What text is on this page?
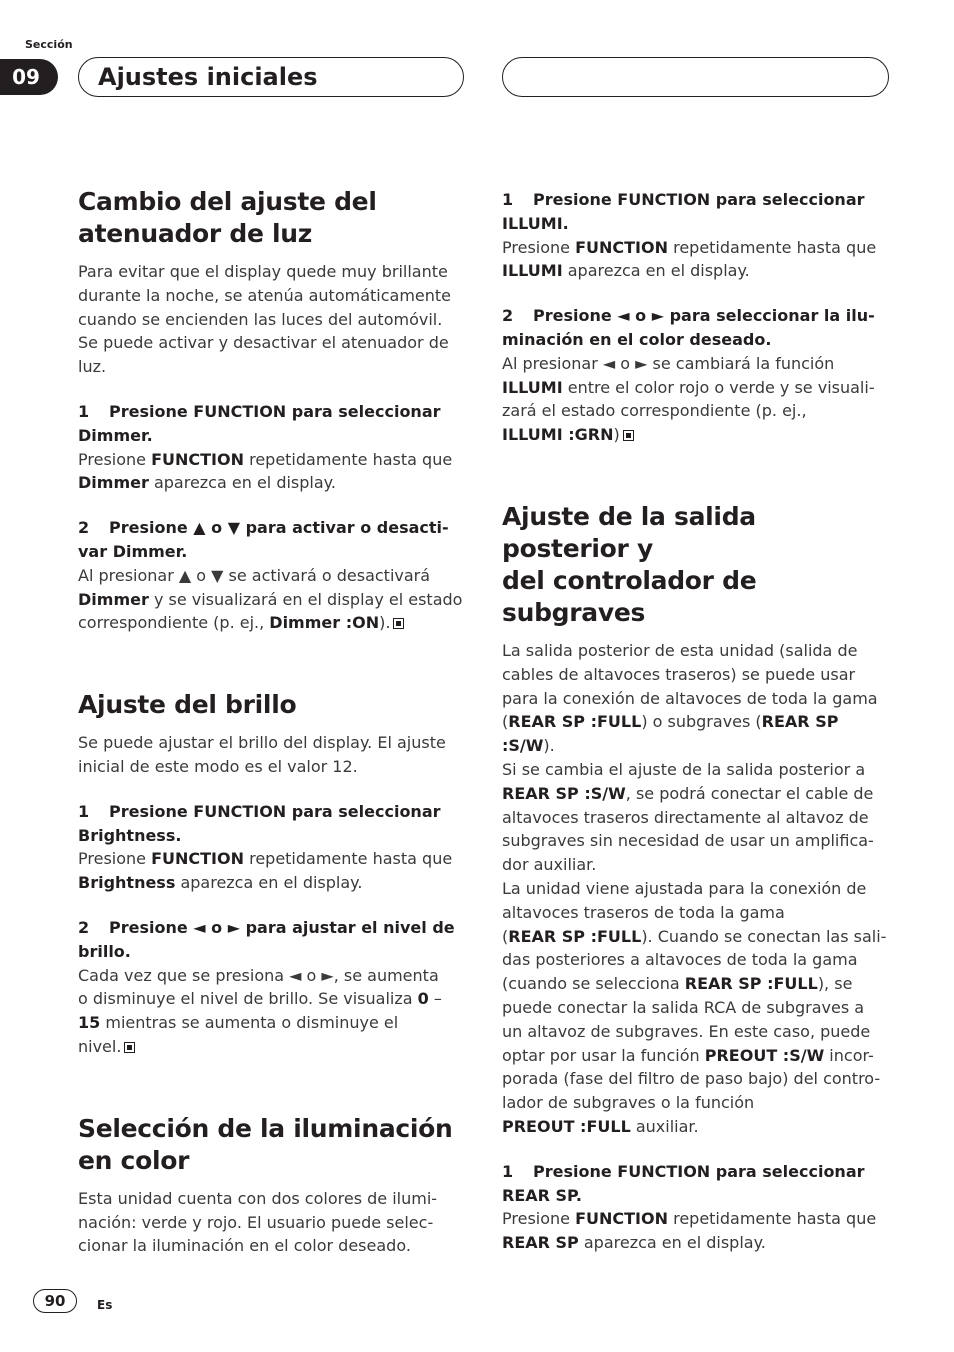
Sección
09	Ajustes iniciales
Cambio del ajuste del
atenuador de luz

Para evitar que el display quede muy brillante
durante la noche, se atenúa automáticamente
cuando se encienden las luces del automóvil.
Se puede activar y desactivar el atenuador de
luz.

1 Presione FUNCTION para seleccionar
Dimmer.

Presione FUNCTION repetidamente hasta que
Dimmer aparezca en el display.

2 Presione ▲ o ▼ para activar o desacti-
var Dimmer.

Al presionar ▲ o ▼ se activará o desactivará
Dimmer y se visualizará en el display el estado
correspondiente (p. ej., Dimmer :ON).

Ajuste del brillo

Se puede ajustar el brillo del display. El ajuste
inicial de este modo es el valor 12.

1 Presione FUNCTION para seleccionar
Brightness.

Presione FUNCTION repetidamente hasta que
Brightness aparezca en el display.

2 Presione ◄ o ► para ajustar el nivel de
brillo.

Cada vez que se presiona ◄ o ►, se aumenta
o disminuye el nivel de brillo. Se visualiza 0 –
15 mientras se aumenta o disminuye el
nivel.

Selección de la iluminación
en color

Esta unidad cuenta con dos colores de ilumi-
nación: verde y rojo. El usuario puede selec-
cionar la iluminación en el color deseado.

1 Presione FUNCTION para seleccionar
ILLUMI.

Presione FUNCTION repetidamente hasta que
ILLUMI aparezca en el display.

2 Presione ◄ o ► para seleccionar la ilu-
minación en el color deseado.

Al presionar ◄ o ► se cambiará la función
ILLUMI entre el color rojo o verde y se visuali-
zará el estado correspondiente (p. ej.,
ILLUMI :GRN)

Ajuste de la salida posterior y
del controlador de subgraves

La salida posterior de esta unidad (salida de
cables de altavoces traseros) se puede usar
para la conexión de altavoces de toda la gama
(REAR SP :FULL) o subgraves (REAR SP :S/W).
Si se cambia el ajuste de la salida posterior a
REAR SP :S/W, se podrá conectar el cable de
altavoces traseros directamente al altavoz de
subgraves sin necesidad de usar un amplifica-
dor auxiliar.
La unidad viene ajustada para la conexión de
altavoces traseros de toda la gama
(REAR SP :FULL). Cuando se conectan las sali-
das posteriores a altavoces de toda la gama
(cuando se selecciona REAR SP :FULL), se
puede conectar la salida RCA de subgraves a
un altavoz de subgraves. En este caso, puede
optar por usar la función PREOUT :S/W incor-
porada (fase del filtro de paso bajo) del contro-
lador de subgraves o la función
PREOUT :FULL auxiliar.

1 Presione FUNCTION para seleccionar
REAR SP.

Presione FUNCTION repetidamente hasta que
REAR SP aparezca en el display.

90	Es
